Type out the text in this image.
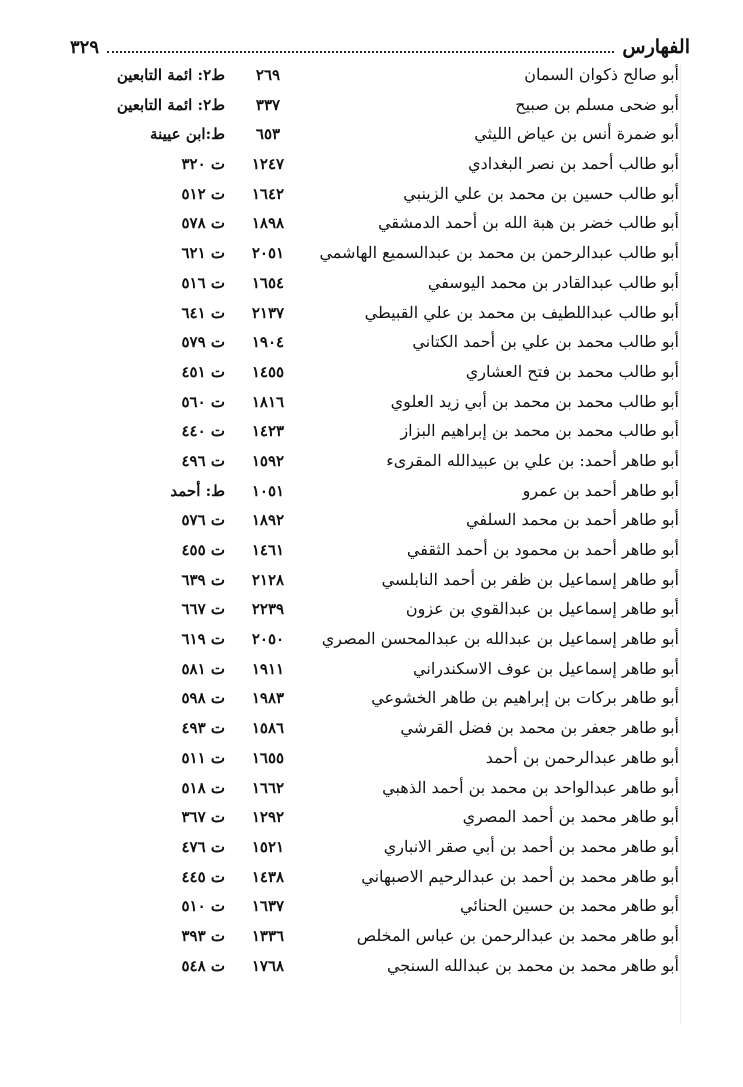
الفهارس
٣٢٩
أبو صالح ذكوان السمان
٢٦٩
ط٢: ائمة التابعين
أبو ضحى مسلم بن صبيح
٣٣٧
ط٢: ائمة التابعين
أبو ضمرة أنس بن عياض الليثي
٦٥٣
ط:ابن عيينة
أبو طالب أحمد بن نصر البغدادي
١٢٤٧
ت ٣٢٠
أبو طالب حسين بن محمد بن علي الزينبي
١٦٤٢
ت ٥١٢
أبو طالب خضر بن هبة الله بن أحمد الدمشقي
١٨٩٨
ت ٥٧٨
أبو طالب عبدالرحمن بن محمد بن عبدالسميع الهاشمي
٢٠٥١
ت ٦٢١
أبو طالب عبدالقادر بن محمد اليوسفي
١٦٥٤
ت ٥١٦
أبو طالب عبداللطيف بن محمد بن علي القبيطي
٢١٣٧
ت ٦٤١
أبو طالب محمد بن علي بن أحمد الكتاني
١٩٠٤
ت ٥٧٩
أبو طالب محمد بن فتح العشاري
١٤٥٥
ت ٤٥١
أبو طالب محمد بن محمد بن أبي زيد العلوي
١٨١٦
ت ٥٦٠
أبو طالب محمد بن محمد بن إبراهيم البزاز
١٤٢٣
ت ٤٤٠
أبو طاهر أحمد: بن علي بن عبيدالله المقرىء
١٥٩٢
ت ٤٩٦
أبو طاهر أحمد بن عمرو
١٠٥١
ط: أحمد
أبو طاهر أحمد بن محمد السلفي
١٨٩٢
ت ٥٧٦
أبو طاهر أحمد بن محمود بن أحمد الثقفي
١٤٦١
ت ٤٥٥
أبو طاهر إسماعيل بن ظفر بن أحمد النابلسي
٢١٢٨
ت ٦٣٩
أبو طاهر إسماعيل بن عبدالقوي بن عزون
٢٢٣٩
ت ٦٦٧
أبو طاهر إسماعيل بن عبدالله بن عبدالمحسن المصري
٢٠٥٠
ت ٦١٩
أبو طاهر إسماعيل بن عوف الاسكندراني
١٩١١
ت ٥٨١
أبو طاهر بركات بن إبراهيم بن طاهر الخشوعي
١٩٨٣
ت ٥٩٨
أبو طاهر جعفر بن محمد بن فضل القرشي
١٥٨٦
ت ٤٩٣
أبو طاهر عبدالرحمن بن أحمد
١٦٥٥
ت ٥١١
أبو طاهر عبدالواحد بن محمد بن أحمد الذهبي
١٦٦٢
ت ٥١٨
أبو طاهر محمد بن أحمد المصري
١٢٩٢
ت ٣٦٧
أبو طاهر محمد بن أحمد بن أبي صقر الانباري
١٥٢١
ت ٤٧٦
أبو طاهر محمد بن أحمد بن عبدالرحيم الاصبهاني
١٤٣٨
ت ٤٤٥
أبو طاهر محمد بن حسين الحنائي
١٦٣٧
ت ٥١٠
أبو طاهر محمد بن عبدالرحمن بن عباس المخلص
١٣٣٦
ت ٣٩٣
أبو طاهر محمد بن محمد بن عبدالله السنجي
١٧٦٨
ت ٥٤٨
